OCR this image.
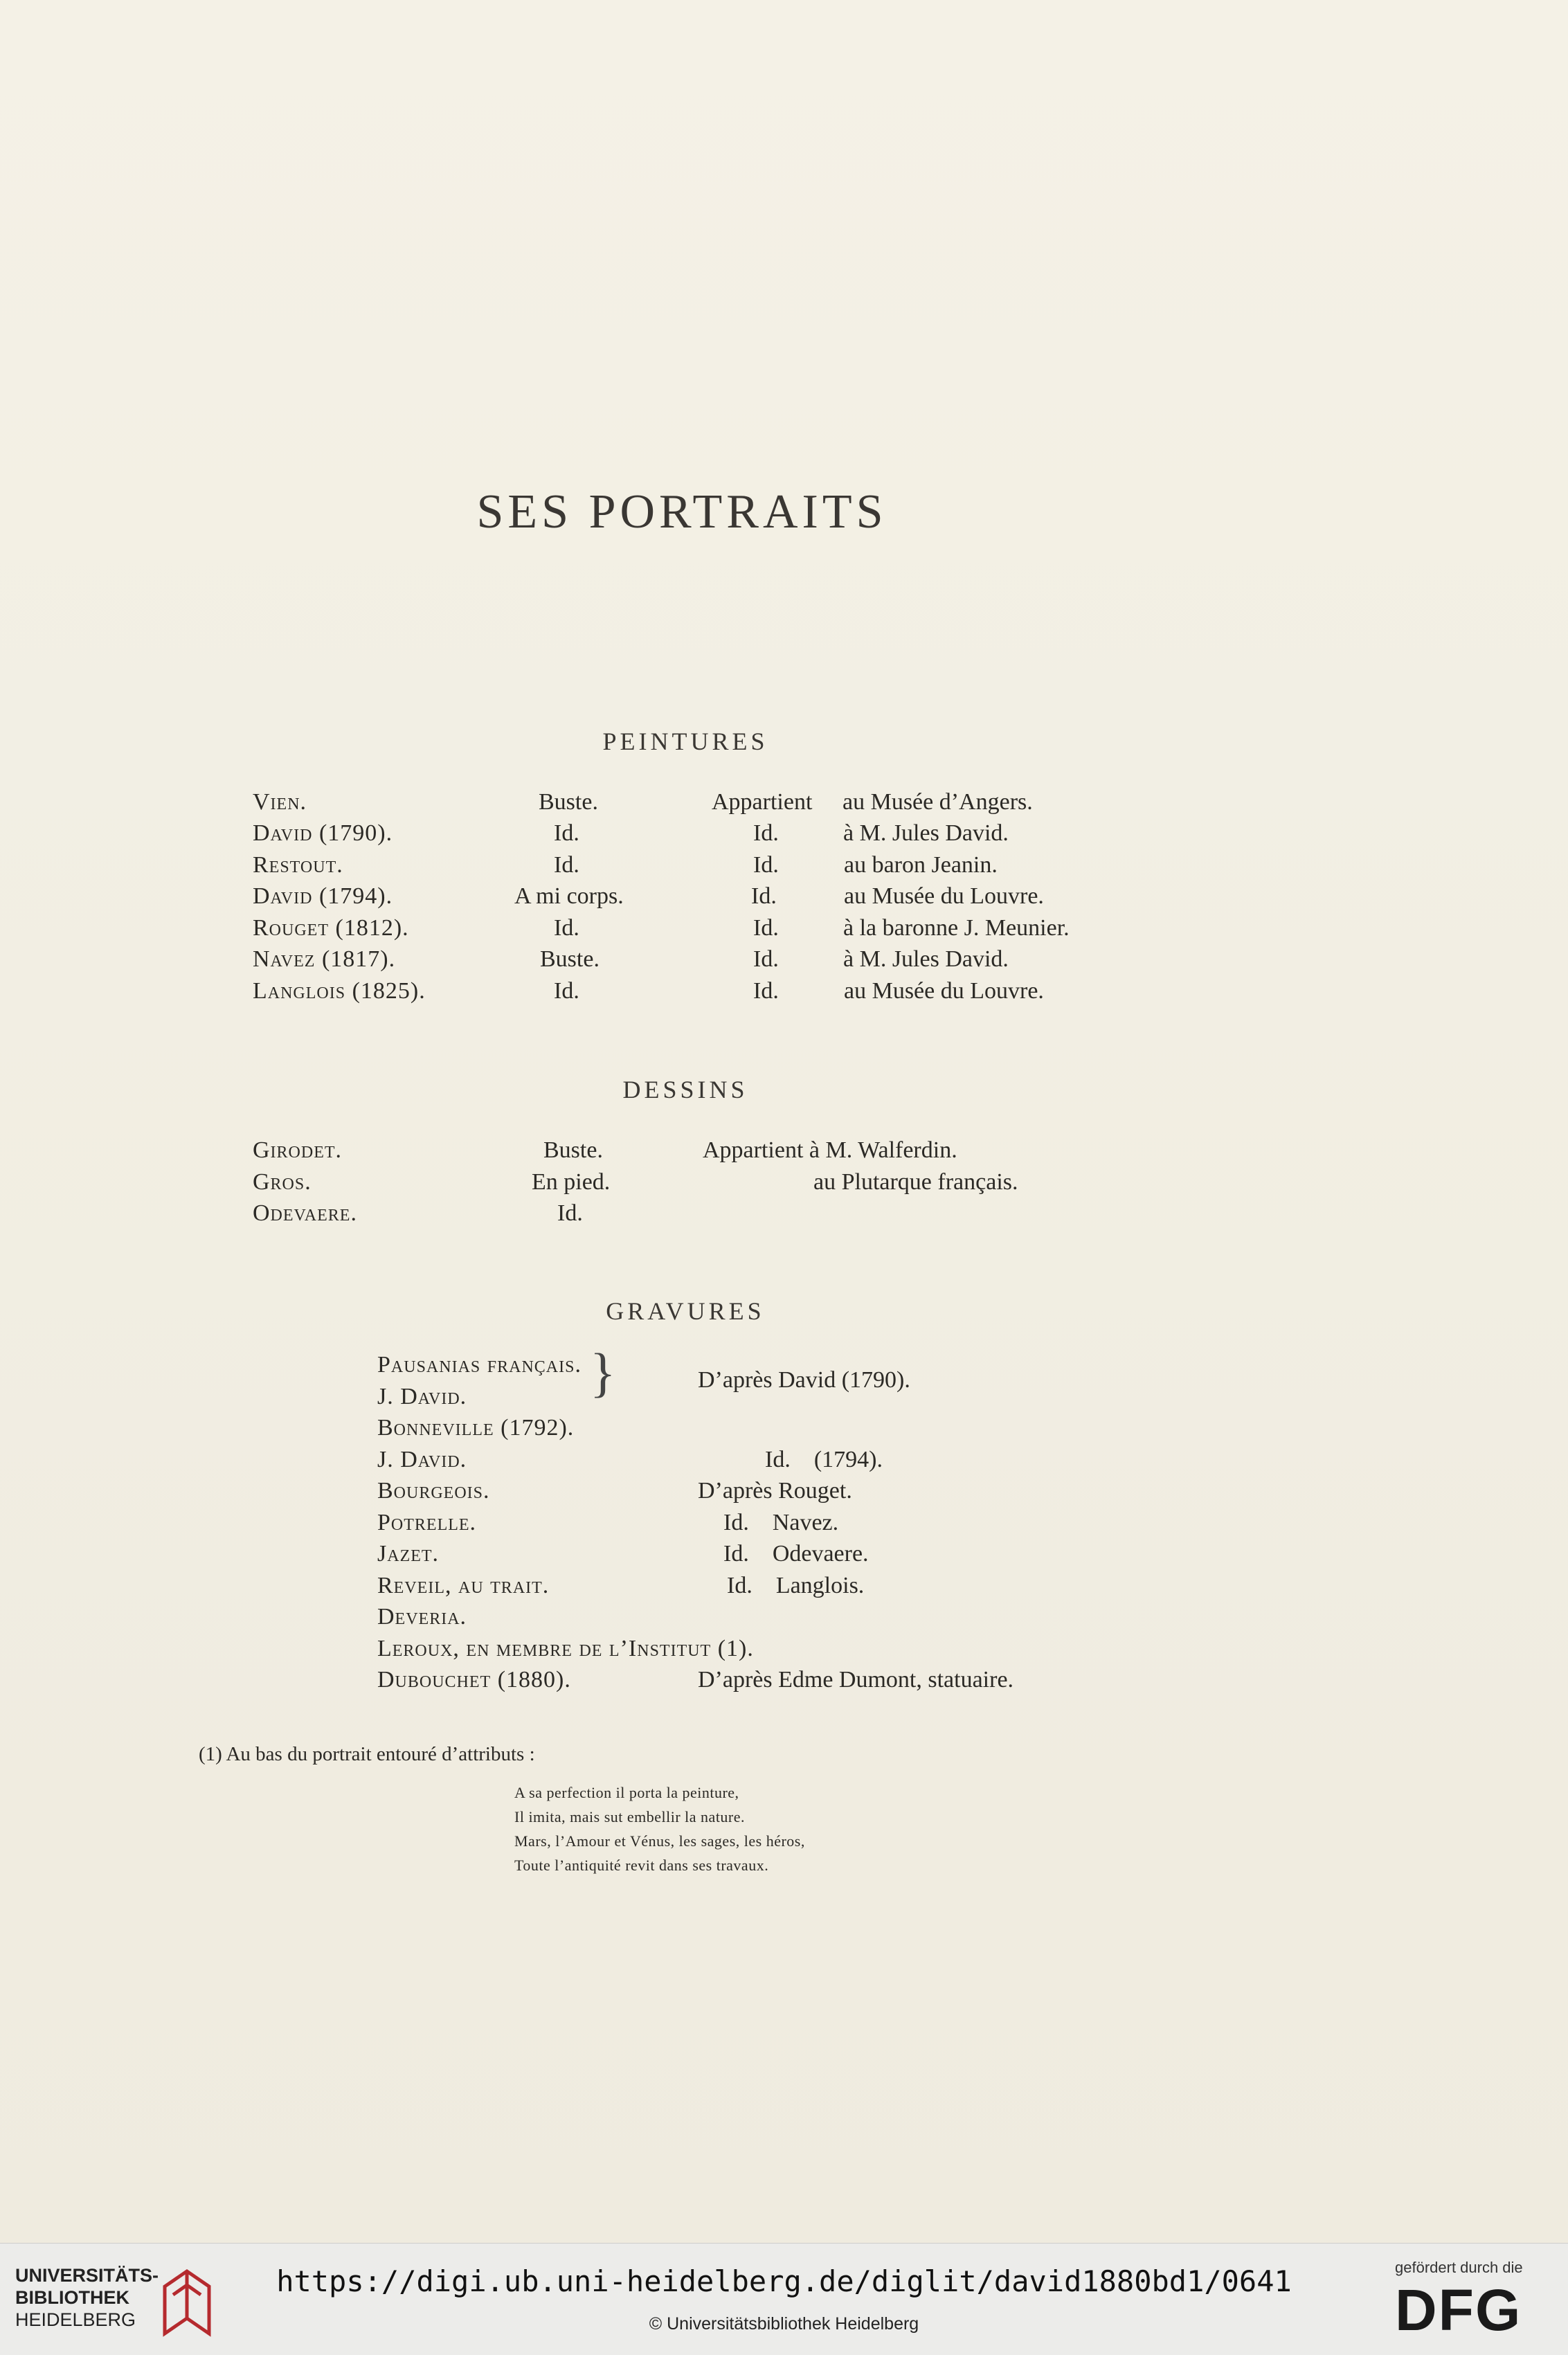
SES PORTRAITS
PEINTURES
Vien.	Buste.	Appartient au Musée d’Angers.
David (1790).	Id.	Id.	à M. Jules David.
Restout.	Id.	Id.	au baron Jeanin.
David (1794).	A mi corps.	Id.	au Musée du Louvre.
Rouget (1812).	Id.	Id.	à la baronne J. Meunier.
Navez (1817).	Buste.	Id.	à M. Jules David.
Langlois (1825).	Id.	Id.	au Musée du Louvre.
DESSINS
Girodet.	Buste.	Appartient à M. Walferdin.
Gros.	En pied.	au Plutarque français.
Odevaere.	Id.
GRAVURES
Pausanias français. }	D’après David (1790).
J. David.
Bonneville (1792).
J. David.	Id.    (1794).
Bourgeois.	D’après Rouget.
Potrelle.	Id.    Navez.
Jazet.	Id.    Odevaere.
Reveil, au trait.	Id.    Langlois.
Deveria.
Leroux, en membre de l’Institut (1).
Dubouchet (1880).	D’après Edme Dumont, statuaire.
(1) Au bas du portrait entouré d’attributs :
A sa perfection il porta la peinture,
Il imita, mais sut embellir la nature.
Mars, l’Amour et Vénus, les sages, les héros,
Toute l’antiquité revit dans ses travaux.
UNIVERSITÄTS-
BIBLIOTHEK
HEIDELBERG
https://digi.ub.uni-heidelberg.de/diglit/david1880bd1/0641
© Universitätsbibliothek Heidelberg
gefördert durch die
DFG
